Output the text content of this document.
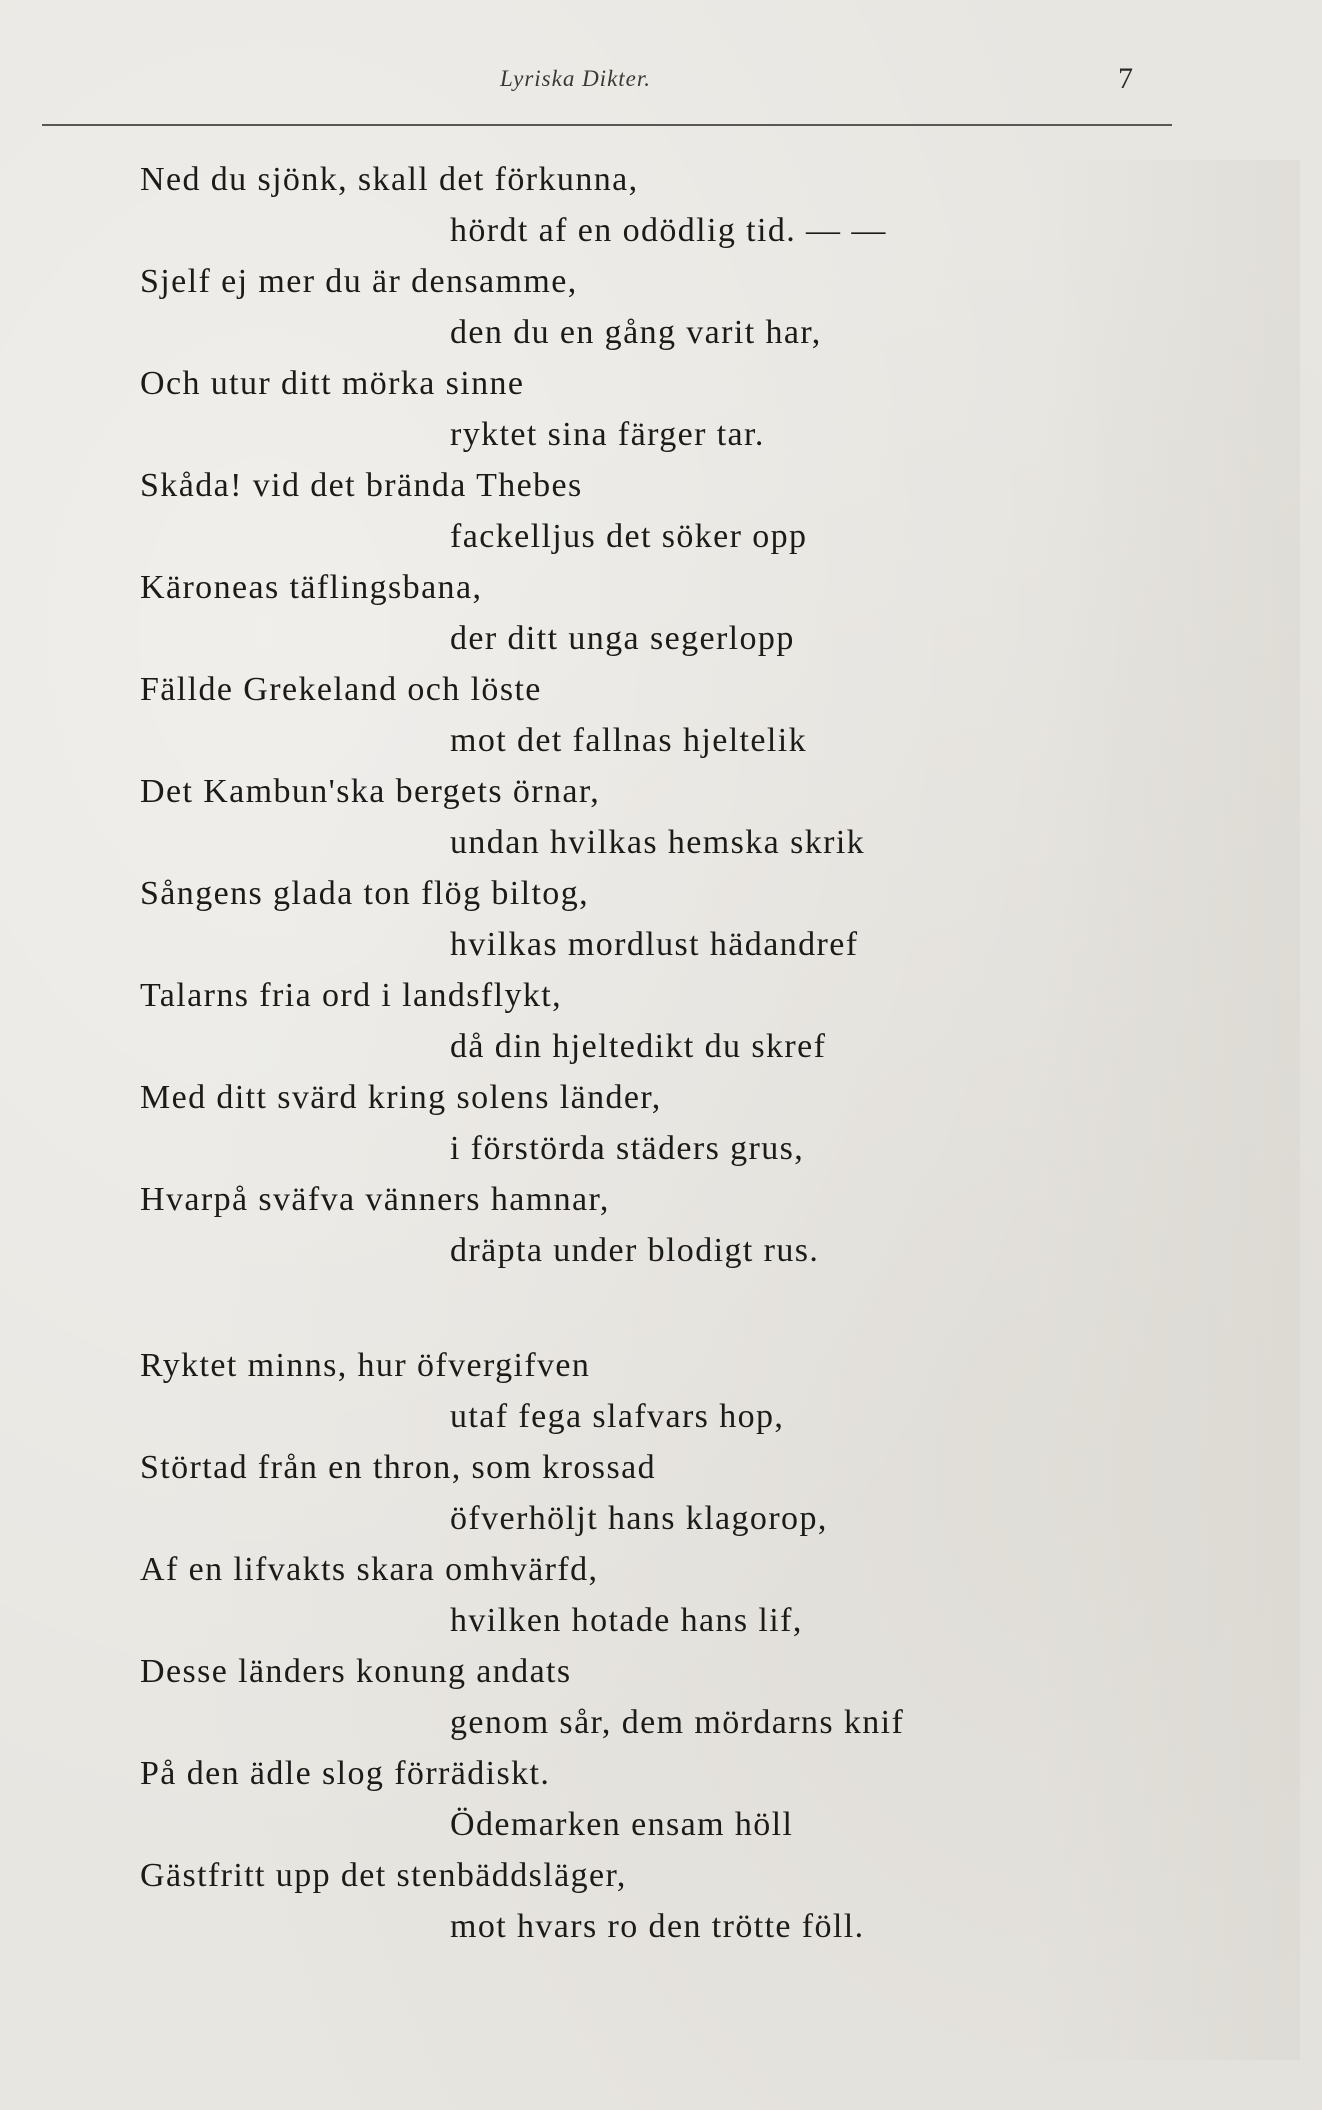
Lyriska Dikter.	7
Ned du sjönk, skall det förkunna,
hördt af en odödlig tid. — —
Sjelf ej mer du är densamme,
den du en gång varit har,
Och utur ditt mörka sinne
ryktet sina färger tar.
Skåda! vid det brända Thebes
fackelljus det söker opp
Käroneas täflingsbana,
der ditt unga segerlopp
Fällde Grekeland och löste
mot det fallnas hjeltelik
Det Kambun'ska bergets örnar,
undan hvilkas hemska skrik
Sångens glada ton flög biltog,
hvilkas mordlust hädandref
Talarns fria ord i landsflykt,
då din hjeltedikt du skref
Med ditt svärd kring solens länder,
i förstörda städers grus,
Hvarpå sväfva vänners hamnar,
dräpta under blodigt rus.
Ryktet minns, hur öfvergifven
utaf fega slafvars hop,
Störtad från en thron, som krossad
öfverhöljt hans klagorop,
Af en lifvakts skara omhvärfd,
hvilken hotade hans lif,
Desse länders konung andats
genom sår, dem mördarns knif
På den ädle slog förrädiskt.
Ödemarken ensam höll
Gästfritt upp det stenbäddsläger,
mot hvars ro den trötte föll.
